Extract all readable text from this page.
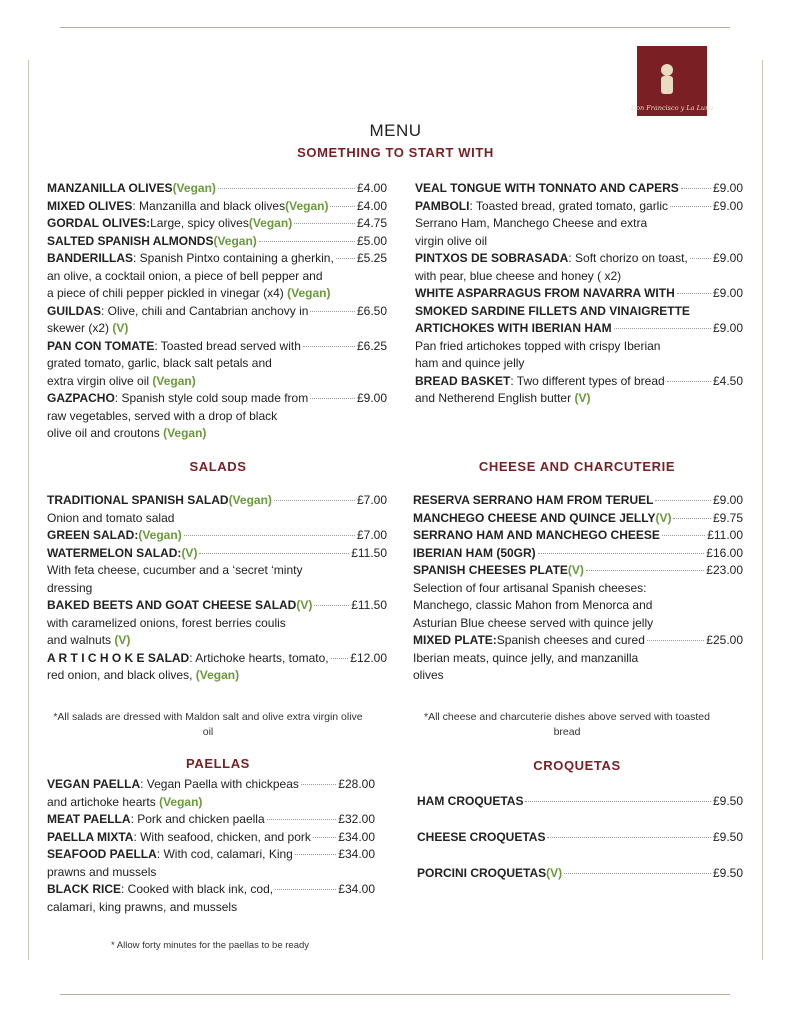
Don Francisco y La Luna
MENU
SOMETHING TO START WITH
SALADS	CHEESE AND CHARCUTERIE
PAELLAS	CROQUETAS
MANZANILLA OLIVES (Vegan)	£4.00
MIXED OLIVES : Manzanilla and black olives (Vegan) £4.00
GORDAL OLIVES: Large, spicy olives (Vegan)	£4.75
SALTED SPANISH ALMONDS (Vegan)	£5.00
BANDERILLAS : Spanish Pintxo containing a gherkin, £5.25
an olive, a cocktail onion, a piece of bell pepper and
a piece of chili pepper pickled in vinegar (x4) (Vegan)
GUILDAS : Olive, chili and Cantabrian anchovy in	£6.50
skewer (x2) (V)
PAN CON TOMATE : Toasted bread served with	£6.25
grated tomato, garlic, black salt petals and
extra virgin olive oil (Vegan)
GAZPACHO : Spanish style cold soup made from	£9.00
raw vegetables, served with a drop of black
olive oil and croutons (Vegan)
VEAL TONGUE WITH TONNATO AND CAPERS	£9.00
PAMBOLI : Toasted bread, grated tomato, garlic	£9.00
Serrano Ham, Manchego Cheese and extra
virgin olive oil
PINTXOS DE SOBRASADA : Soft chorizo on toast, £9.00
with pear, blue cheese and honey ( x2)
WHITE ASPARRAGUS FROM NAVARRA WITH	£9.00
SMOKED SARDINE FILLETS AND VINAIGRETTE
ARTICHOKES WITH IBERIAN HAM	£9.00
Pan fried artichokes topped with crispy Iberian
ham and quince jelly
BREAD BASKET : Two different types of bread	£4.50
and Netherend English butter (V)
TRADITIONAL SPANISH SALAD (Vegan)	£7.00
Onion and tomato salad
GREEN SALAD: (Vegan)	£7.00
WATERMELON SALAD: (V)	£11.50
With feta cheese, cucumber and a ‘secret ‘minty
dressing
BAKED BEETS AND GOAT CHEESE SALAD (V)	£11.50
with caramelized onions, forest berries coulis
and walnuts (V)
A R T I C H O K E SALAD : Artichoke hearts, tomato, £12.00
red onion, and black olives, (Vegan)
RESERVA SERRANO HAM FROM TERUEL	£9.00
MANCHEGO CHEESE AND QUINCE JELLY (V)	£9.75
SERRANO HAM AND MANCHEGO CHEESE	£11.00
IBERIAN HAM (50GR)	£16.00
SPANISH CHEESES PLATE (V)	£23.00
Selection of four artisanal Spanish cheeses:
Manchego, classic Mahon from Menorca and
Asturian Blue cheese served with quince jelly
MIXED PLATE: Spanish cheeses and cured	£25.00
Iberian meats, quince jelly, and manzanilla
olives
VEGAN PAELLA : Vegan Paella with chickpeas	£28.00
and artichoke hearts (Vegan)
MEAT PAELLA : Pork and chicken paella	£32.00
PAELLA MIXTA : With seafood, chicken, and pork £34.00
SEAFOOD PAELLA : With cod, calamari, King	£34.00
prawns and mussels
BLACK RICE : Cooked with black ink, cod,	£34.00
calamari, king prawns, and mussels
HAM CROQUETAS	£9.50
CHEESE CROQUETAS	£9.50
PORCINI CROQUETAS (V)	£9.50
*All salads are dressed with Maldon salt and olive extra virgin olive oil
*All cheese and charcuterie dishes above served with toasted bread
* Allow forty minutes for the paellas to be ready
